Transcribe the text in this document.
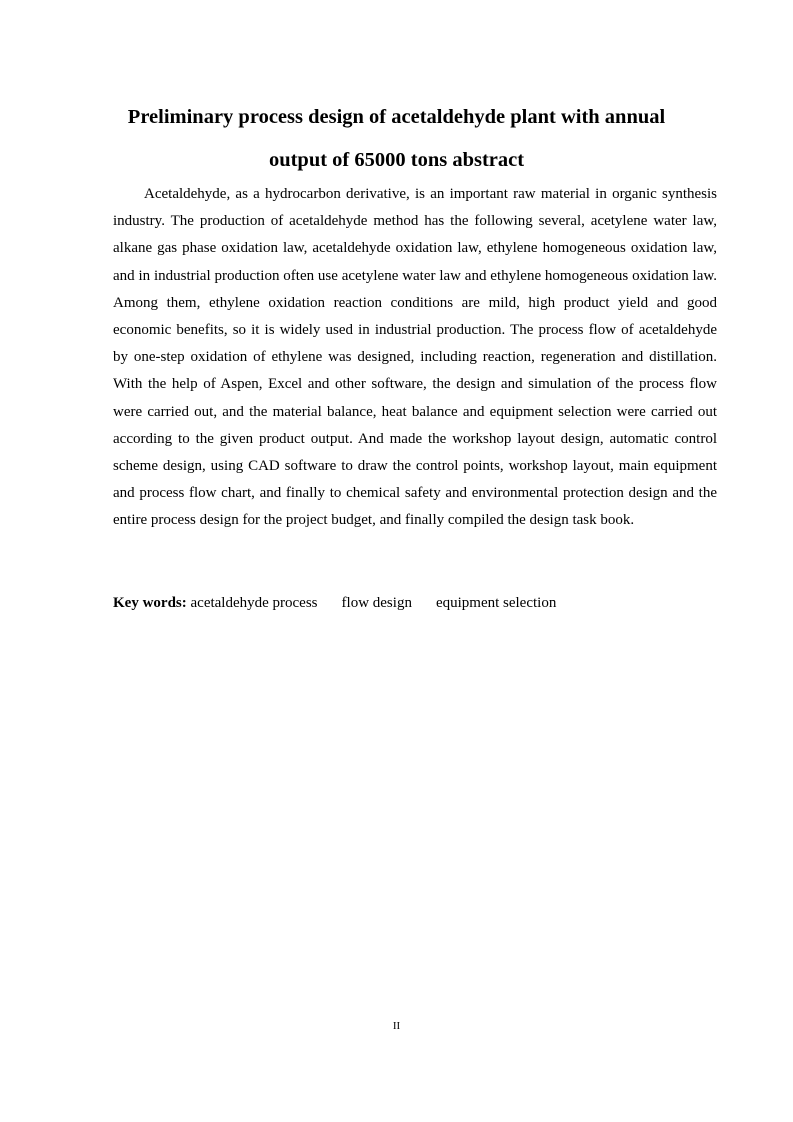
Preliminary process design of acetaldehyde plant with annual
output of 65000 tons abstract

Acetaldehyde, as a hydrocarbon derivative, is an important raw material in organic synthesis industry. The production of acetaldehyde method has the following several, acetylene water law, alkane gas phase oxidation law, acetaldehyde oxidation law, ethylene homogeneous oxidation law, and in industrial production often use acetylene water law and ethylene homogeneous oxidation law. Among them, ethylene oxidation reaction conditions are mild, high product yield and good economic benefits, so it is widely used in industrial production. The process flow of acetaldehyde by one-step oxidation of ethylene was designed, including reaction, regeneration and distillation. With the help of Aspen, Excel and other software, the design and simulation of the process flow were carried out, and the material balance, heat balance and equipment selection were carried out according to the given product output. And made the workshop layout design, automatic control scheme design, using CAD software to draw the control points, workshop layout, main equipment and process flow chart, and finally to chemical safety and environmental protection design and the entire process design for the project budget, and finally compiled the design task book.

Key words: acetaldehyde process flow design equipment selection

II
